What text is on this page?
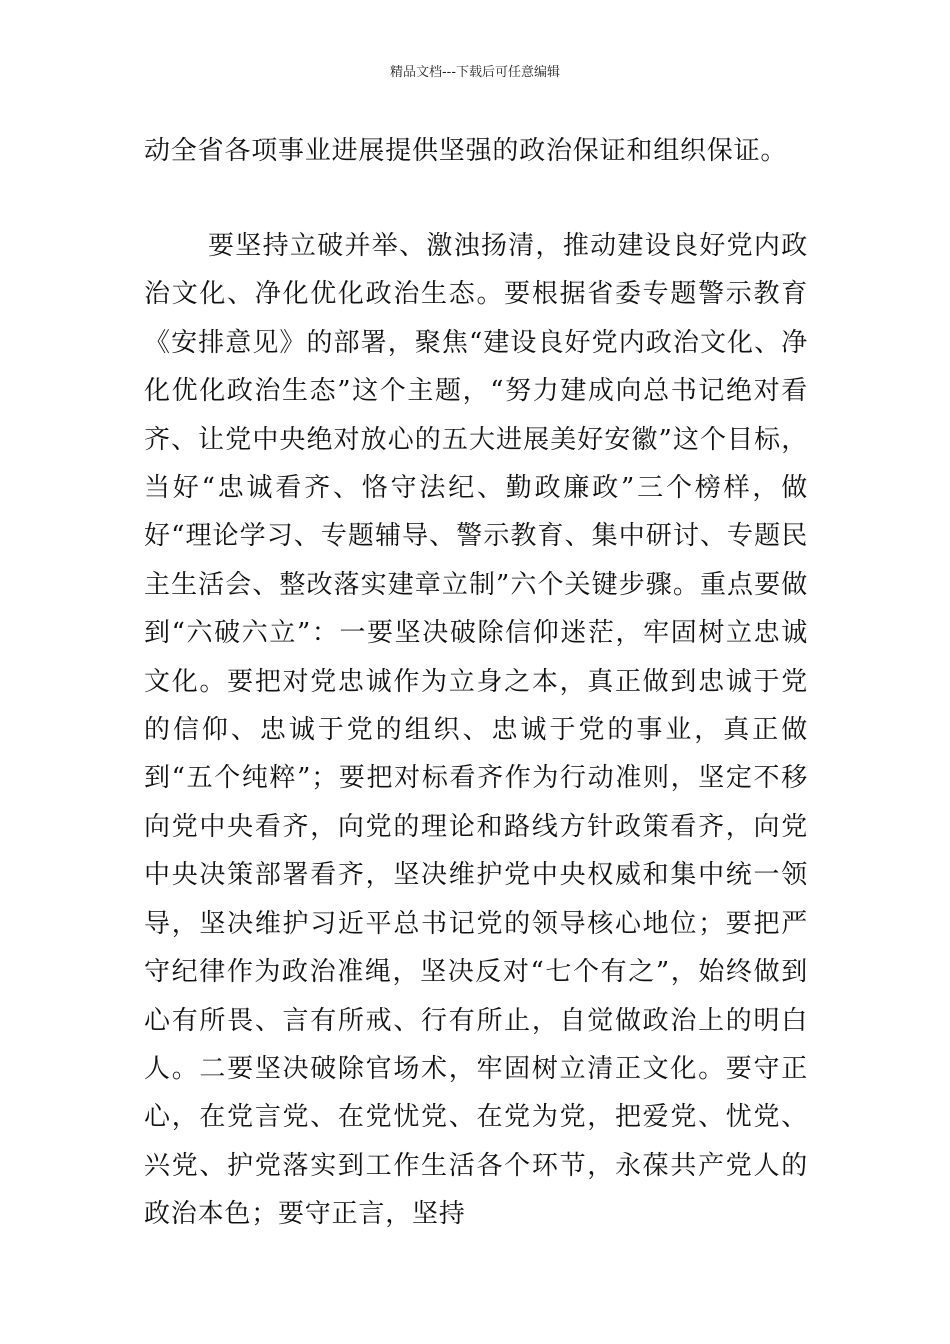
精品文档---下载后可任意编辑

动全省各项事业进展提供坚强的政治保证和组织保证。

要坚持立破并举、激浊扬清，推动建设良好党内政治文化、净化优化政治生态。要根据省委专题警示教育《安排意见》的部署，聚焦“建设良好党内政治文化、净化优化政治生态”这个主题，“努力建成向总书记绝对看齐、让党中央绝对放心的五大进展美好安徽”这个目标，当好“忠诚看齐、恪守法纪、勤政廉政”三个榜样，做好“理论学习、专题辅导、警示教育、集中研讨、专题民主生活会、整改落实建章立制”六个关键步骤。重点要做到“六破六立”：一要坚决破除信仰迷茫，牢固树立忠诚文化。要把对党忠诚作为立身之本，真正做到忠诚于党的信仰、忠诚于党的组织、忠诚于党的事业，真正做到“五个纯粹”；要把对标看齐作为行动准则，坚定不移向党中央看齐，向党的理论和路线方针政策看齐，向党中央决策部署看齐，坚决维护党中央权威和集中统一领导，坚决维护习近平总书记党的领导核心地位；要把严守纪律作为政治准绳，坚决反对“七个有之”，始终做到心有所畏、言有所戒、行有所止，自觉做政治上的明白人。二要坚决破除官场术，牢固树立清正文化。要守正心，在党言党、在党忧党、在党为党，把爱党、忧党、兴党、护党落实到工作生活各个环节，永葆共产党人的政治本色；要守正言，坚持
